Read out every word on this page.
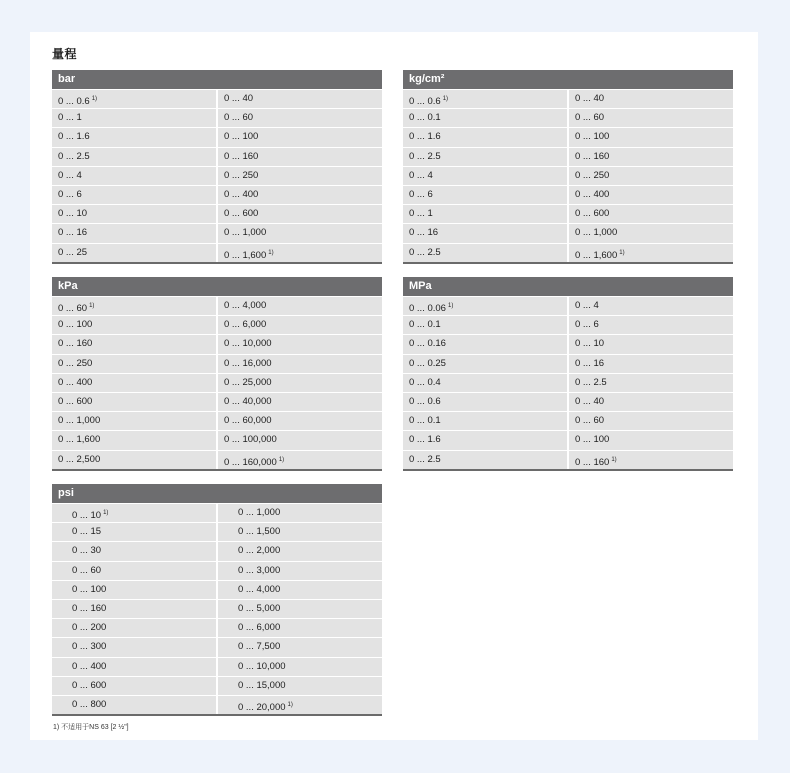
量程
bar
0 ... 0.6 $^{1)}$	0 ... 40
0 ... 1	0 ... 60
0 ... 1.6	0 ... 100
0 ... 2.5	0 ... 160
0 ... 4	0 ... 250
0 ... 6	0 ... 400
0 ... 10	0 ... 600
0 ... 16	0 ... 1,000
0 ... 25	0 ... 1,600 $^{1)}$
kg/cm²
0 ... 0.6 $^{1)}$	0 ... 40
0 ... 0.1	0 ... 60
0 ... 1.6	0 ... 100
0 ... 2.5	0 ... 160
0 ... 4	0 ... 250
0 ... 6	0 ... 400
0 ... 1	0 ... 600
0 ... 16	0 ... 1,000
0 ... 2.5	0 ... 1,600 $^{1)}$
kPa
0 ... 60 $^{1)}$	0 ... 4,000
0 ... 100	0 ... 6,000
0 ... 160	0 ... 10,000
0 ... 250	0 ... 16,000
0 ... 400	0 ... 25,000
0 ... 600	0 ... 40,000
0 ... 1,000	0 ... 60,000
0 ... 1,600	0 ... 100,000
0 ... 2,500	0 ... 160,000 $^{1)}$
MPa
0 ... 0.06 $^{1)}$	0 ... 4
0 ... 0.1	0 ... 6
0 ... 0.16	0 ... 10
0 ... 0.25	0 ... 16
0 ... 0.4	0 ... 2.5
0 ... 0.6	0 ... 40
0 ... 0.1	0 ... 60
0 ... 1.6	0 ... 100
0 ... 2.5	0 ... 160 $^{1)}$
psi
0 ... 10 $^{1)}$	0 ... 1,000
0 ... 15	0 ... 1,500
0 ... 30	0 ... 2,000
0 ... 60	0 ... 3,000
0 ... 100	0 ... 4,000
0 ... 160	0 ... 5,000
0 ... 200	0 ... 6,000
0 ... 300	0 ... 7,500
0 ... 400	0 ... 10,000
0 ... 600	0 ... 15,000
0 ... 800	0 ... 20,000 $^{1)}$
1) 不适用于NS 63 [2 ½"]
